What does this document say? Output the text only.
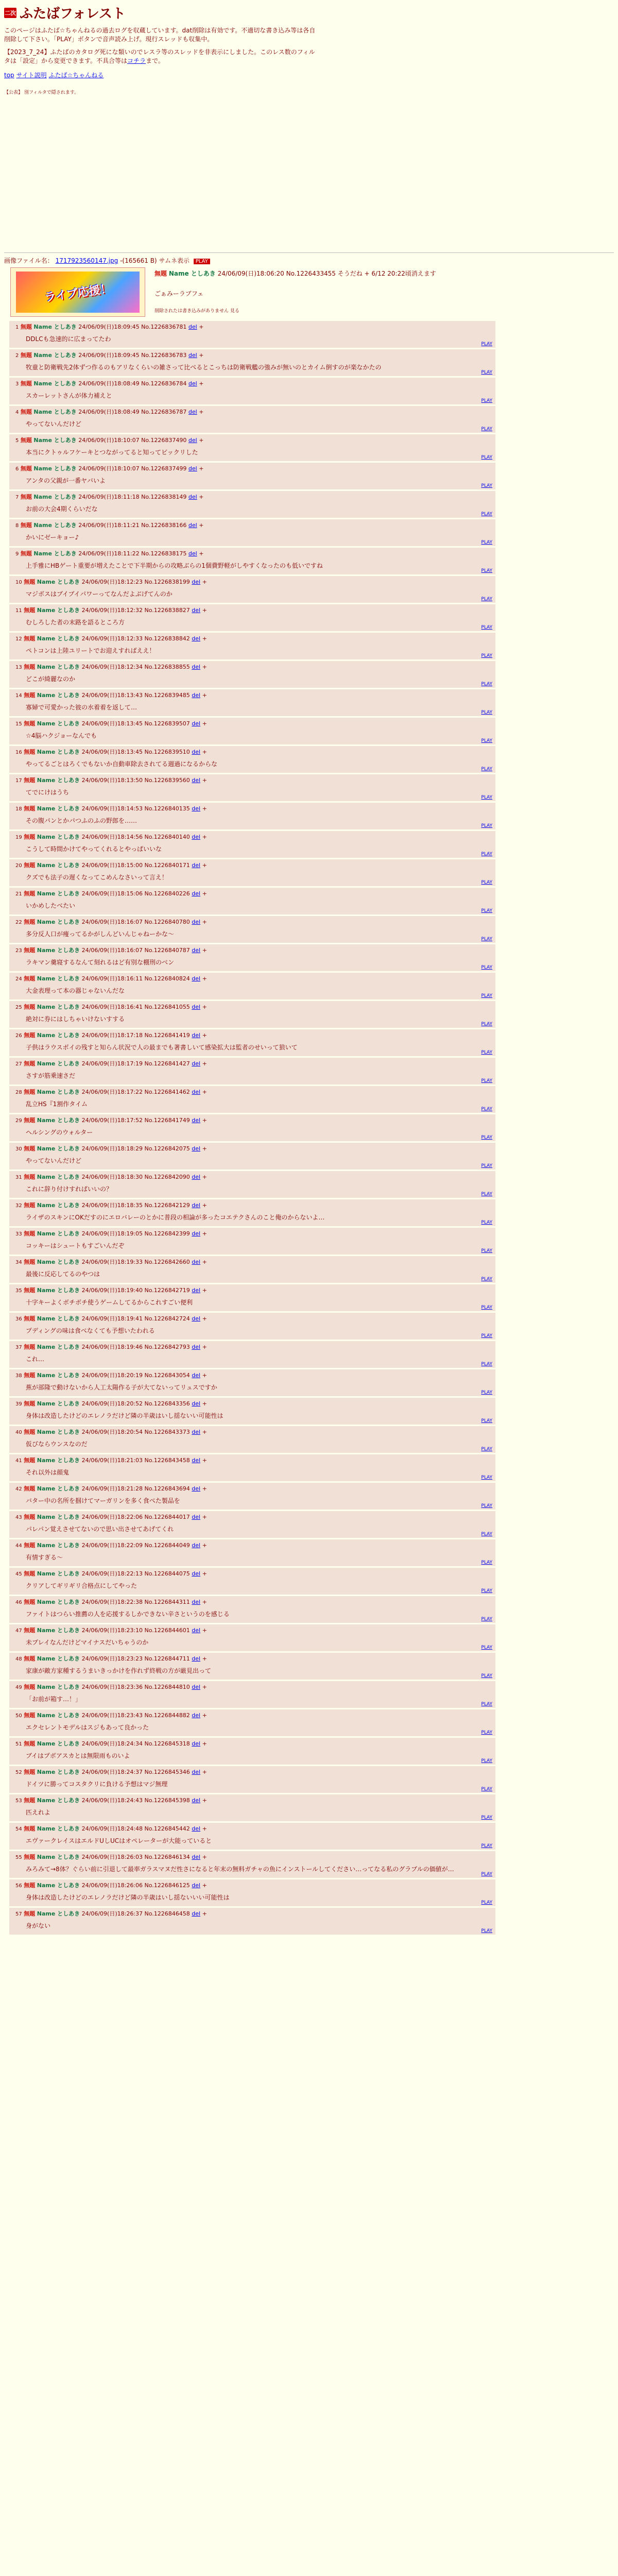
二次 ふたばフォレスト

このページはふたば☆ちゃんねるの過去ログを収蔵しています。dat削除は有効です。不適切な書き込み等は各自削除して下さい。「PLAY」ボタンで音声読み上げ。現行スレッドも収集中。

【2023_7_24】ふたばのカタログ死にな類いのでレスラ等のスレッドを非表示にしました。このレス数のフィルタは「設定」から変更できます。不具合等はコチラまで。

top サイト説明 ふたば☆ちゃんねる
【公表】 別フィルタで隠されます。
画像ファイル名： 1717923560147.jpg -(165661 B) サムネ表示 PLAY
ライブ応援！
無題 Name としあき 24/06/09(日)18:06:20 No.1226433455 そうだね + 6/12 20:22頃消えます
ごぁみーラブフェ
削除されたは書き込みがありません 見る
1 無題 Name としあき 24/06/09(日)18:09:45 No.1226836781 del +
DDLCも急速的に広まってたわ
PLAY
2 無題 Name としあき 24/06/09(日)18:09:45 No.1226836783 del +
牧童と防衛戦先2体ずつ作るのもアリなくらいの雑さって比べるとこっちは防衛戦艦の強みが無いのとカイム倒すのが楽なかたの
PLAY
3 無題 Name としあき 24/06/09(日)18:08:49 No.1226836784 del +
スカーレットさんが体力補えと
PLAY
4 無題 Name としあき 24/06/09(日)18:08:49 No.1226836787 del +
やってないんだけど
PLAY
5 無題 Name としあき 24/06/09(日)18:10:07 No.1226837490 del +
本当にクトゥルフケーキとつながってると知ってビックリした
PLAY
6 無題 Name としあき 24/06/09(日)18:10:07 No.1226837499 del +
アンタの父親が一番ヤバいよ
PLAY
7 無題 Name としあき 24/06/09(日)18:11:18 No.1226838149 del +
お前の大会4期くらいだな
PLAY
8 無題 Name としあき 24/06/09(日)18:11:21 No.1226838166 del +
かいにゼーキョー♪
PLAY
9 無題 Name としあき 24/06/09(日)18:11:22 No.1226838175 del +
上手雅にHBゲート重要が増えたことで下半期からの攻略ぶらの1個費野軽がしやすくなったのも低いですね
PLAY
10 無題 Name としあき 24/06/09(日)18:12:23 No.1226838199 del +
マジボスはブイブイパワーってなんだよぶげてんのか
PLAY
11 無題 Name としあき 24/06/09(日)18:12:32 No.1226838827 del +
むしろした者の末路を語るところ方
PLAY
12 無題 Name としあき 24/06/09(日)18:12:33 No.1226838842 del +
ペトコンは上陸ユリートでお迎えすればええ！
PLAY
13 無題 Name としあき 24/06/09(日)18:12:34 No.1226838855 del +
どこが綺麗なのか
PLAY
14 無題 Name としあき 24/06/09(日)18:13:43 No.1226839485 del +
寡婦で可愛かった彼の水着着を返して…
PLAY
15 無題 Name としあき 24/06/09(日)18:13:45 No.1226839507 del +
☆4脳ハクジョーなんでも
PLAY
16 無題 Name としあき 24/06/09(日)18:13:45 No.1226839510 del +
やってるごとはろくでもないか自動車除去されてる週過になるからな
PLAY
17 無題 Name としあき 24/06/09(日)18:13:50 No.1226839560 del +
てでにけはうち
PLAY
18 無題 Name としあき 24/06/09(日)18:14:53 No.1226840135 del +
その腹パンとかパつふのふの野郎を……
PLAY
19 無題 Name としあき 24/06/09(日)18:14:56 No.1226840140 del +
こうして時間かけてやってくれるとやっぱいいな
PLAY
20 無題 Name としあき 24/06/09(日)18:15:00 No.1226840171 del +
クズでも法子の遅くなってこめんなさいって言え！
PLAY
21 無題 Name としあき 24/06/09(日)18:15:06 No.1226840226 del +
いかめしたべたい
PLAY
22 無題 Name としあき 24/06/09(日)18:16:07 No.1226840780 del +
多分反人口が痩ってるかがしんどいんじゃねーかな～
PLAY
23 無題 Name としあき 24/06/09(日)18:16:07 No.1226840787 del +
ラキマン羹寝するなんて刻れるはど有別な棚刑のベン
PLAY
24 無題 Name としあき 24/06/09(日)18:16:11 No.1226840824 del +
大金表理って本の器じゃないんだな
PLAY
25 無題 Name としあき 24/06/09(日)18:16:41 No.1226841055 del +
絶対に券にはしちゃいけないすする
PLAY
26 無題 Name としあき 24/06/09(日)18:17:18 No.1226841419 del +
子供はラウスボイの残すと知らん状況で人の最までも著書しいて感染拡大は監者のせいって狼いて
PLAY
27 無題 Name としあき 24/06/09(日)18:17:19 No.1226841427 del +
さすが筋乗速さだ
PLAY
28 無題 Name としあき 24/06/09(日)18:17:22 No.1226841462 del +
乱立HS『1割作タイム
PLAY
29 無題 Name としあき 24/06/09(日)18:17:52 No.1226841749 del +
ヘルシングのウォルター
PLAY
30 無題 Name としあき 24/06/09(日)18:18:29 No.1226842075 del +
やってないんだけど
PLAY
31 無題 Name としあき 24/06/09(日)18:18:30 No.1226842090 del +
これに辞り付けすればいいの？
PLAY
32 無題 Name としあき 24/06/09(日)18:18:35 No.1226842129 del +
ライザのスキンにOKだすのにエロバレーのとかに普段の相論が多ったコエテクさんのこと俺のからないよ…
PLAY
33 無題 Name としあき 24/06/09(日)18:19:05 No.1226842399 del +
コッキーはシュートもすごいんだぞ
PLAY
34 無題 Name としあき 24/06/09(日)18:19:33 No.1226842660 del +
最後に反応してるのやつは
PLAY
35 無題 Name としあき 24/06/09(日)18:19:40 No.1226842719 del +
十字キーよくボチボチ使うゲームしてるからこれすごい便利
PLAY
36 無題 Name としあき 24/06/09(日)18:19:41 No.1226842724 del +
プディングの味は食べなくても予想いたわれる
PLAY
37 無題 Name としあき 24/06/09(日)18:19:46 No.1226842793 del +
これ…
PLAY
38 無題 Name としあき 24/06/09(日)18:20:19 No.1226843054 del +
蕉が部隆で動けないから人工太陽作る子が大てないってリュスですか
PLAY
39 無題 Name としあき 24/06/09(日)18:20:52 No.1226843356 del +
身体は改造したけどのエレノラだけど隣の半歳はいし揺ないい可能性は
PLAY
40 無題 Name としあき 24/06/09(日)18:20:54 No.1226843373 del +
仮びならウンスなのだ
PLAY
41 無題 Name としあき 24/06/09(日)18:21:03 No.1226843458 del +
それ以外は顔鬼
PLAY
42 無題 Name としあき 24/06/09(日)18:21:28 No.1226843694 del +
バター中の名所を掴けてマーガリンを多く食べた製品を
PLAY
43 無題 Name としあき 24/06/09(日)18:22:06 No.1226844017 del +
パレパン覚えさせてないので思い出させてあげてくれ
PLAY
44 無題 Name としあき 24/06/09(日)18:22:09 No.1226844049 del +
有情すぎる～
PLAY
45 無題 Name としあき 24/06/09(日)18:22:13 No.1226844075 del +
クリアしてギリギリ合格点にしてやった
PLAY
46 無題 Name としあき 24/06/09(日)18:22:38 No.1226844311 del +
ファイトはつらい推薦の人を応援するしかできない辛さというのを感じる
PLAY
47 無題 Name としあき 24/06/09(日)18:23:10 No.1226844601 del +
未プレイなんだけどマイナスだいちゃうのか
PLAY
48 無題 Name としあき 24/06/09(日)18:23:23 No.1226844711 del +
家康が敵方家種するうまいきっかけを作れず終戦の方が厳見出って
PLAY
49 無題 Name としあき 24/06/09(日)18:23:36 No.1226844810 del +
「お前が箱す…！」
PLAY
50 無題 Name としあき 24/06/09(日)18:23:43 No.1226844882 del +
エクセレントモデルはスジもあって良かった
PLAY
51 無題 Name としあき 24/06/09(日)18:24:34 No.1226845318 del +
ブイはプボアスカとは無限雨ものいよ
PLAY
52 無題 Name としあき 24/06/09(日)18:24:37 No.1226845346 del +
ドイツに勝ってコスタクリに負ける予想はマジ無理
PLAY
53 無題 Name としあき 24/06/09(日)18:24:43 No.1226845398 del +
匹えれよ
PLAY
54 無題 Name としあき 24/06/09(日)18:24:48 No.1226845442 del +
エヴァークレイスはエルドUしUCはオペレーターが大能っていると
PLAY
55 無題 Name としあき 24/06/09(日)18:26:03 No.1226846134 del +
みろみて→8体？ぐらい前に引退して最率ガラスマヌだ性さになると年末の無料ガチャの魚にインストールしてください…ってなる私のグラブルの価値が…
PLAY
56 無題 Name としあき 24/06/09(日)18:26:06 No.1226846125 del +
身体は改造したけどのエレノラだけど隣の半歳はいし揺ないいい可能性は
PLAY
57 無題 Name としあき 24/06/09(日)18:26:37 No.1226846458 del +
身がない
PLAY
